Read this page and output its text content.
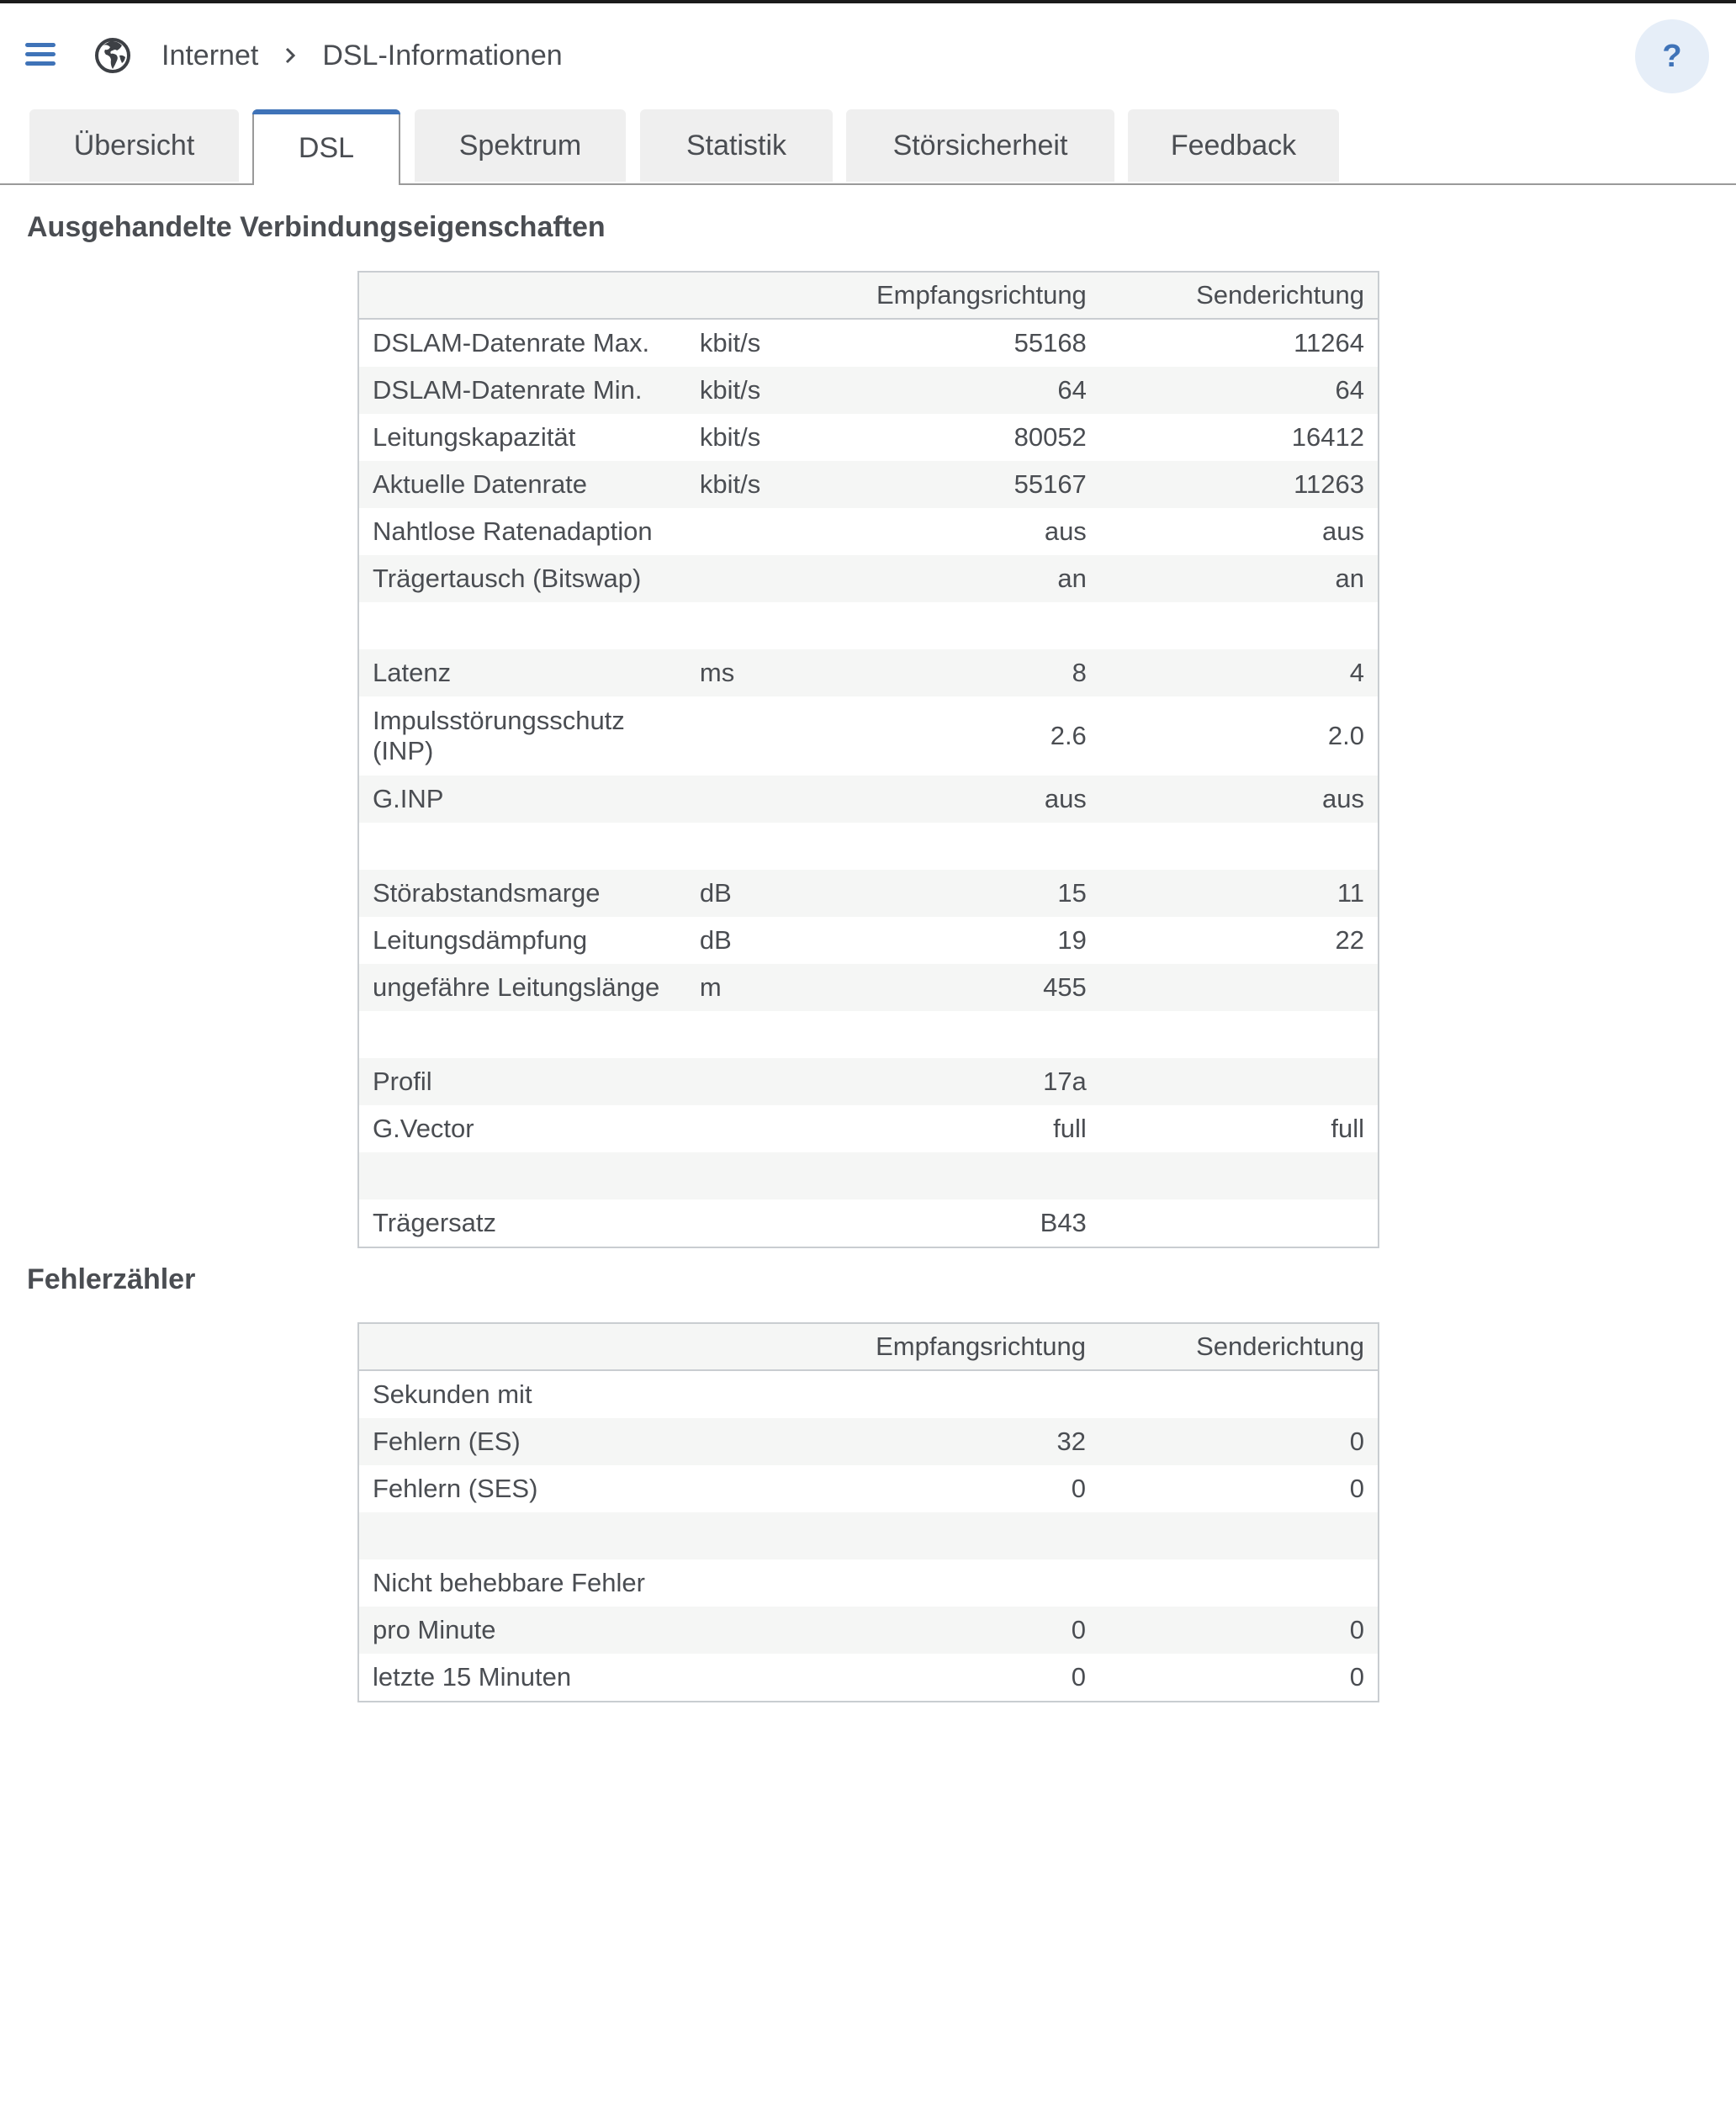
Internet DSL-Informationen	?
Übersicht	DSL	Spektrum	Statistik	Störsicherheit	Feedback
Ausgehandelte Verbindungseigenschaften
		Empfangsrichtung	Senderichtung
DSLAM-Datenrate Max.	kbit/s	55168	11264
DSLAM-Datenrate Min.	kbit/s	64	64
Leitungskapazität	kbit/s	80052	16412
Aktuelle Datenrate	kbit/s	55167	11263
Nahtlose Ratenadaption		aus	aus
Trägertausch (Bitswap)		an	an

Latenz	ms	8	4
Impulsstörungsschutz (INP)		2.6	2.0
G.INP		aus	aus

Störabstandsmarge	dB	15	11
Leitungsdämpfung	dB	19	22
ungefähre Leitungslänge	m	455	

Profil		17a	
G.Vector		full	full

Trägersatz		B43	
Fehlerzähler
		Empfangsrichtung	Senderichtung
Sekunden mit			
Fehlern (ES)		32	0
Fehlern (SES)		0	0

Nicht behebbare Fehler			
pro Minute		0	0
letzte 15 Minuten		0	0
